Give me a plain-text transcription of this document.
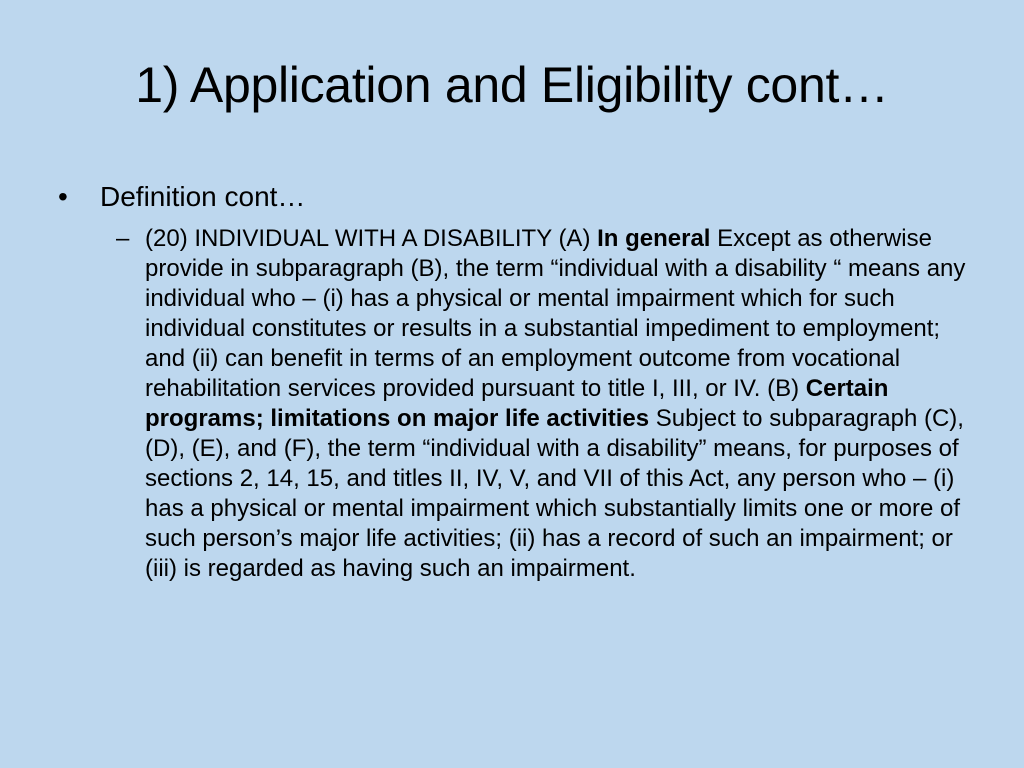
1) Application and Eligibility cont…
• Definition cont…
– (20) INDIVIDUAL WITH A DISABILITY (A) In general Except as otherwise provide in subparagraph (B), the term “individual with a disability “ means any individual who – (i) has a physical or mental impairment which for such individual constitutes or results in a substantial impediment to employment; and (ii) can benefit in terms of an employment outcome from vocational rehabilitation services provided pursuant to title I, III, or IV. (B) Certain programs; limitations on major life activities Subject to subparagraph (C), (D), (E), and (F), the term “individual with a disability” means, for purposes of sections 2, 14, 15, and titles II, IV, V, and VII of this Act, any person who – (i) has a physical or mental impairment which substantially limits one or more of such person’s major life activities; (ii) has a record of such an impairment; or (iii) is regarded as having such an impairment.
